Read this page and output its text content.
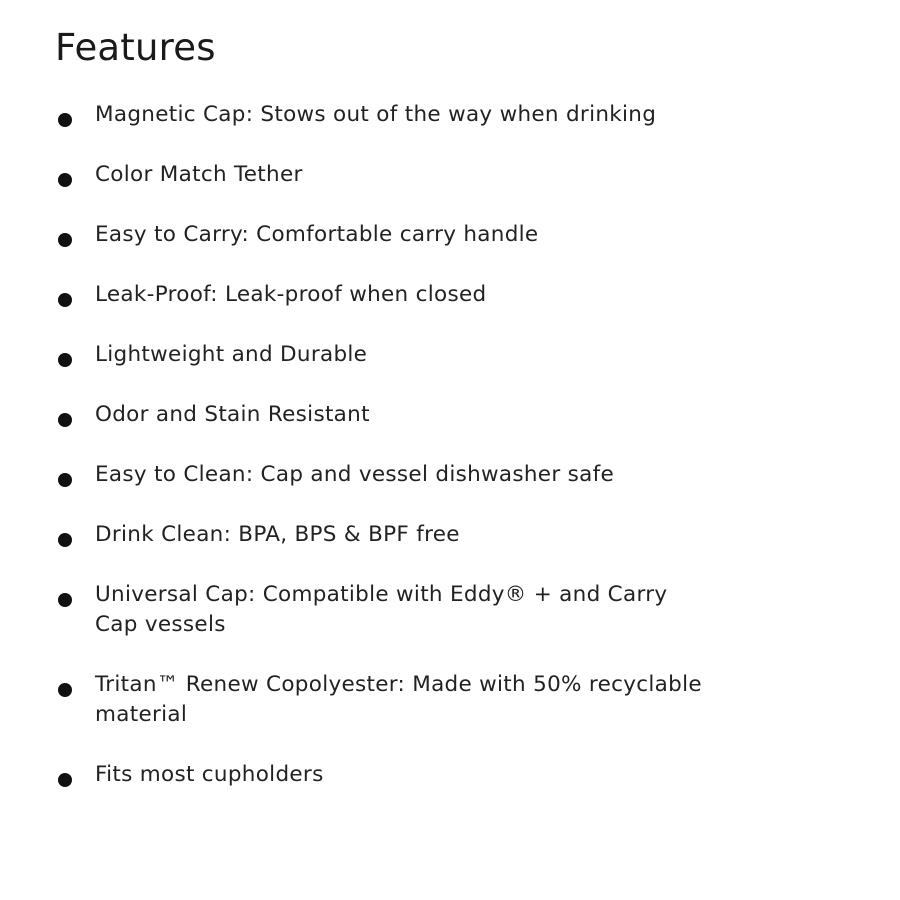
Features
Magnetic Cap: Stows out of the way when drinking
Color Match Tether
Easy to Carry: Comfortable carry handle
Leak-Proof: Leak-proof when closed
Lightweight and Durable
Odor and Stain Resistant
Easy to Clean: Cap and vessel dishwasher safe
Drink Clean: BPA, BPS & BPF free
Universal Cap: Compatible with Eddy® + and Carry Cap vessels
Tritan™ Renew Copolyester: Made with 50% recyclable material
Fits most cupholders
